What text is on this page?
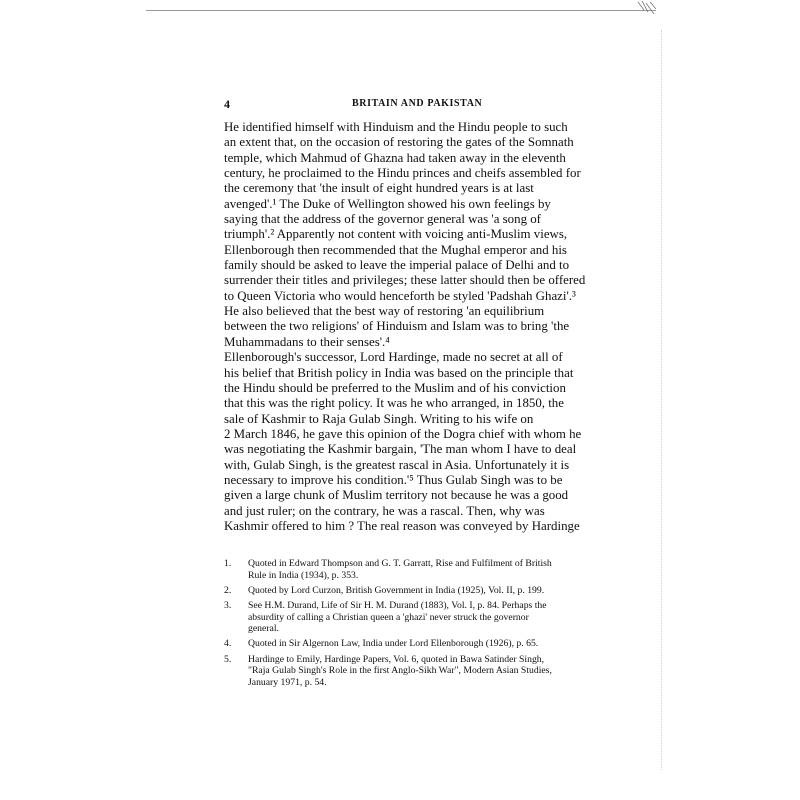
4	BRITAIN AND PAKISTAN
He identified himself with Hinduism and the Hindu people to such
an extent that, on the occasion of restoring the gates of the Somnath
temple, which Mahmud of Ghazna had taken away in the eleventh
century, he proclaimed to the Hindu princes and cheifs assembled for
the ceremony that 'the insult of eight hundred years is at last
avenged'.¹ The Duke of Wellington showed his own feelings by
saying that the address of the governor general was 'a song of
triumph'.² Apparently not content with voicing anti-Muslim views,
Ellenborough then recommended that the Mughal emperor and his
family should be asked to leave the imperial palace of Delhi and to
surrender their titles and privileges; these latter should then be offered
to Queen Victoria who would henceforth be styled 'Padshah Ghazi'.³
He also believed that the best way of restoring 'an equilibrium
between the two religions' of Hinduism and Islam was to bring 'the
Muhammadans to their senses'.⁴
Ellenborough's successor, Lord Hardinge, made no secret at all of
his belief that British policy in India was based on the principle that
the Hindu should be preferred to the Muslim and of his conviction
that this was the right policy. It was he who arranged, in 1850, the
sale of Kashmir to Raja Gulab Singh. Writing to his wife on
2 March 1846, he gave this opinion of the Dogra chief with whom he
was negotiating the Kashmir bargain, 'The man whom I have to deal
with, Gulab Singh, is the greatest rascal in Asia. Unfortunately it is
necessary to improve his condition.'⁵ Thus Gulab Singh was to be
given a large chunk of Muslim territory not because he was a good
and just ruler; on the contrary, he was a rascal. Then, why was
Kashmir offered to him ? The real reason was conveyed by Hardinge
1. Quoted in Edward Thompson and G. T. Garratt, Rise and Fulfilment of British
Rule in India (1934), p. 353.
2. Quoted by Lord Curzon, British Government in India (1925), Vol. II, p. 199.
3. See H.M. Durand, Life of Sir H. M. Durand (1883), Vol. I, p. 84. Perhaps the
absurdity of calling a Christian queen a 'ghazi' never struck the governor
general.
4. Quoted in Sir Algernon Law, India under Lord Ellenborough (1926), p. 65.
5. Hardinge to Emily, Hardinge Papers, Vol. 6, quoted in Bawa Satinder Singh,
"Raja Gulab Singh's Role in the first Anglo-Sikh War", Modern Asian Studies,
January 1971, p. 54.
